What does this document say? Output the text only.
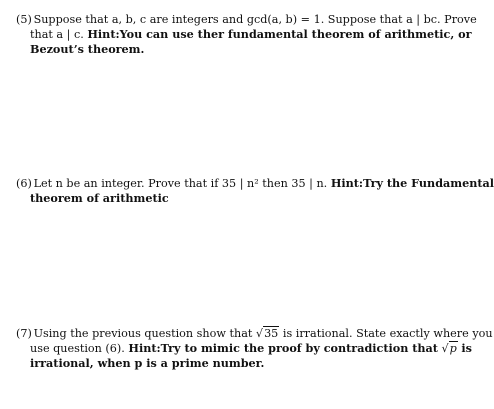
(5) Suppose that a, b, c are integers and gcd(a, b) = 1. Suppose that a | bc. Prove
that a | c. Hint:You can use ther fundamental theorem of arithmetic, or
Bezout’s theorem.
(6) Let n be an integer. Prove that if 35 | n² then 35 | n. Hint:Try the Fundamental
theorem of arithmetic
(7) Using the previous question show that √35 is irrational. State exactly where you
use question (6). Hint:Try to mimic the proof by contradiction that √p is
irrational, when p is a prime number.
